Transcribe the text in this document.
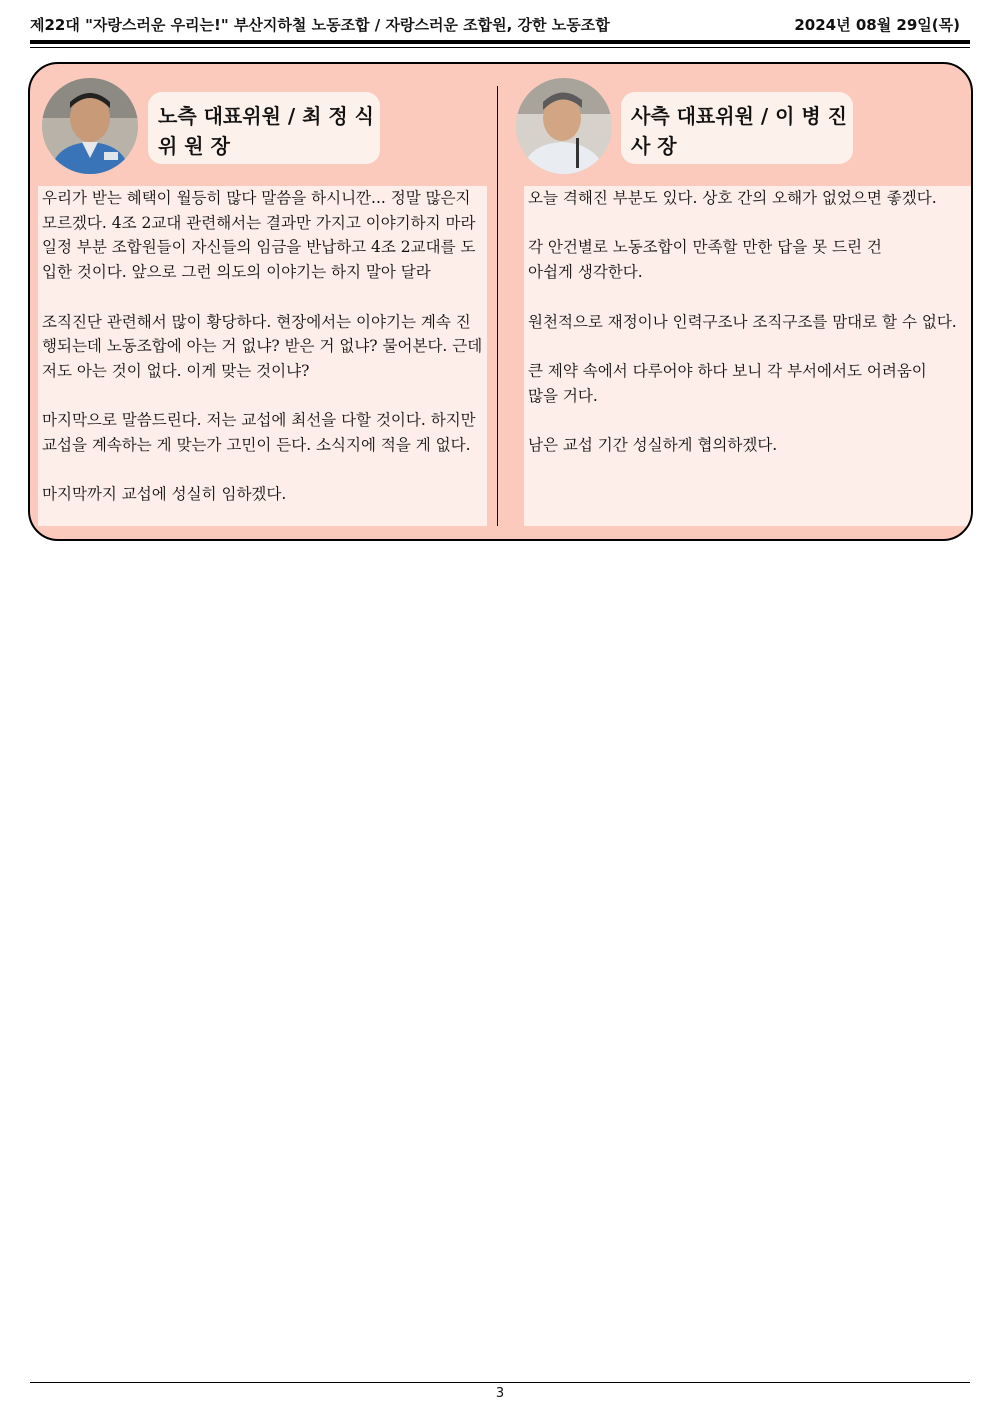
제22대 "자랑스러운 우리는!" 부산지하철 노동조합 / 자랑스러운 조합원, 강한 노동조합	2024년 08월 29일(목)
노측 대표위원 / 최 정 식
위 원 장
우리가 받는 혜택이 월등히 많다 말씀을 하시니깐... 정말 많은지
모르겠다. 4조 2교대 관련해서는 결과만 가지고 이야기하지 마라
일정 부분 조합원들이 자신들의 임금을 반납하고 4조 2교대를 도
입한 것이다. 앞으로 그런 의도의 이야기는 하지 말아 달라
조직진단 관련해서 많이 황당하다. 현장에서는 이야기는 계속 진
행되는데 노동조합에 아는 거 없냐? 받은 거 없냐? 물어본다. 근데
저도 아는 것이 없다. 이게 맞는 것이냐?
마지막으로 말씀드린다. 저는 교섭에 최선을 다할 것이다. 하지만
교섭을 계속하는 게 맞는가 고민이 든다. 소식지에 적을 게 없다.
마지막까지 교섭에 성실히 임하겠다.
사측 대표위원 / 이 병 진
사 장
오늘 격해진 부분도 있다. 상호 간의 오해가 없었으면 좋겠다.
각 안건별로 노동조합이 만족할 만한 답을 못 드린 건
아쉽게 생각한다.
원천적으로 재정이나 인력구조나 조직구조를 맘대로 할 수 없다.
큰 제약 속에서 다루어야 하다 보니 각 부서에서도 어려움이
많을 거다.
남은 교섭 기간 성실하게 협의하겠다.
3
